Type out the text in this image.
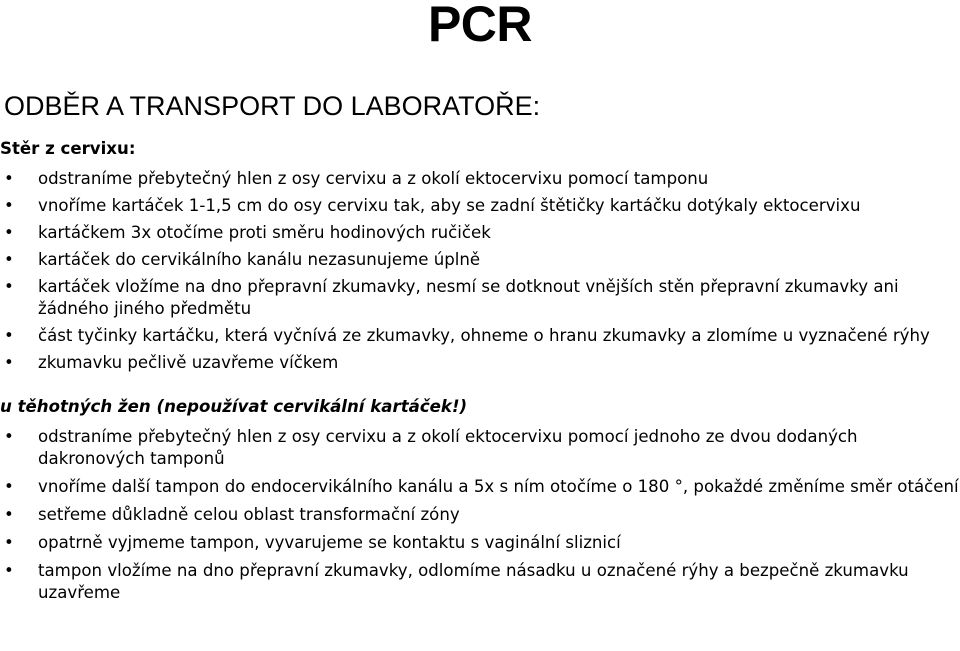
PCR
ODBĚR A TRANSPORT DO LABORATOŘE:
Stěr z cervixu:
•	odstraníme přebytečný hlen z osy cervixu a z okolí ektocervixu pomocí tamponu
•	vnoříme kartáček 1-1,5 cm do osy cervixu tak, aby se zadní štětičky kartáčku dotýkaly ektocervixu
•	kartáčkem 3x otočíme proti směru hodinových ručiček
•	kartáček do cervikálního kanálu nezasunujeme úplně
•	kartáček vložíme na dno přepravní zkumavky, nesmí se dotknout vnějších stěn přepravní zkumavky ani žádného jiného předmětu
•	část tyčinky kartáčku, která vyčnívá ze zkumavky, ohneme o hranu zkumavky a zlomíme u vyznačené rýhy
•	zkumavku pečlivě uzavřeme víčkem
u těhotných žen (nepoužívat cervikální kartáček!)
•	odstraníme přebytečný hlen z osy cervixu a z okolí ektocervixu pomocí jednoho ze dvou dodaných dakronových tamponů
•	vnoříme další tampon do endocervikálního kanálu a 5x s ním otočíme o 180 °, pokaždé změníme směr otáčení
•	setřeme důkladně celou oblast transformační zóny
•	opatrně vyjmeme tampon, vyvarujeme se kontaktu s vaginální sliznicí
•	tampon vložíme na dno přepravní zkumavky, odlomíme násadku u označené rýhy a bezpečně zkumavku uzavřeme
